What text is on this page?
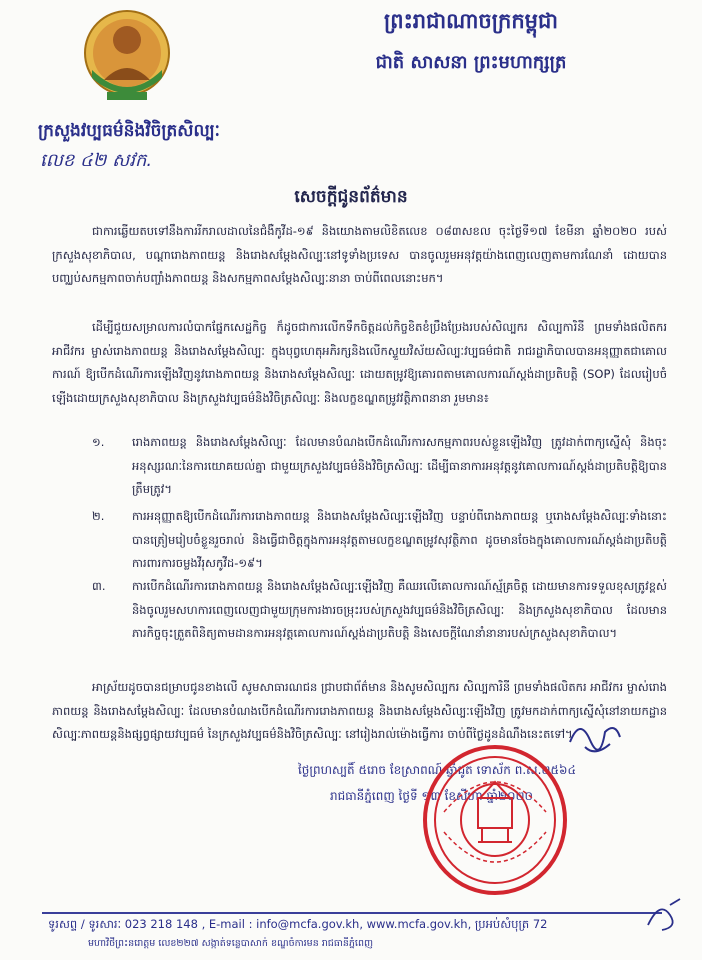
ព្រះរាជាណាចក្រកម្ពុជា
ជាតិ សាសនា ព្រះមហាក្សត្រ
ក្រសួងវប្បធម៌និងវិចិត្រសិល្បៈ
លេខ ៤២ សវក.
សេចក្ដីជូនព័ត៌មាន
ជាការឆ្លើយតបទៅនឹងការរីករាលដាលនៃជំងឺកូវីដ-១៩ និងយោងតាមលិខិតលេខ ០៨៣សខល ចុះថ្ងៃទី១៧ ខែមីនា ឆ្នាំ២០២០ របស់ក្រសួងសុខាភិបាល, បណ្ដារោងភាពយន្ត និងរោងសម្ដែងសិល្បៈនៅទូទាំងប្រទេស បានចូលរួមអនុវត្តយ៉ាងពេញលេញតាមការណែនាំ ដោយបានបញ្ឈប់សកម្មភាពចាក់បញ្ចាំងភាពយន្ត និងសកម្មភាពសម្ដែងសិល្បៈនានា ចាប់ពីពេលនោះមក។
ដើម្បីជួយសម្រាលការលំបាកផ្នែកសេដ្ឋកិច្ច ក៏ដូចជាការលើកទឹកចិត្តដល់កិច្ចខិតខំប្រឹងប្រែងរបស់សិល្បករ សិល្បការិនី ព្រមទាំងផលិតករ អាជីវករ ម្ចាស់រោងភាពយន្ត និងរោងសម្ដែងសិល្បៈ ក្នុងបុព្វហេតុអភិរក្សនិងលើកស្ទួយវិស័យសិល្បៈវប្បធម៌ជាតិ រាជរដ្ឋាភិបាលបានអនុញ្ញាតជាគោលការណ៍ ឱ្យបើកដំណើរការឡើងវិញនូវរោងភាពយន្ត និងរោងសម្ដែងសិល្បៈ ដោយតម្រូវឱ្យគោរពតាមគោលការណ៍ស្តង់ដាប្រតិបត្តិ (SOP) ដែលរៀបចំឡើងដោយក្រសួងសុខាភិបាល និងក្រសួងវប្បធម៌និងវិចិត្រសិល្បៈ និងលក្ខខណ្ឌតម្រូវវត្តិភាពនានា រួមមាន៖
១. រោងភាពយន្ត និងរោងសម្ដែងសិល្បៈ ដែលមានបំណងបើកដំណើរការសកម្មភាពរបស់ខ្លួនឡើងវិញ ត្រូវដាក់ពាក្យស្នើសុំ និងចុះអនុស្សរណៈនៃការយោគយល់គ្នា ជាមួយក្រសួងវប្បធម៌និងវិចិត្រសិល្បៈ ដើម្បីធានាការអនុវត្តនូវគោលការណ៍ស្តង់ដាប្រតិបត្តិឱ្យបានត្រឹមត្រូវ។
២. ការអនុញ្ញាតឱ្យបើកដំណើរការរោងភាពយន្ត និងរោងសម្ដែងសិល្បៈឡើងវិញ បន្ទាប់ពីរោងភាពយន្ត ឬរោងសម្ដែងសិល្បៈទាំងនោះបានត្រៀមរៀបចំខ្លួនរួចរាល់ និងធ្វើជាថិត្តក្នុងការអនុវត្តតាមលក្ខខណ្ឌតម្រូវសុវត្ថិភាព ដូចមានចែងក្នុងគោលការណ៍ស្តង់ដាប្រតិបត្តិការពារការចម្លងវីរុសកូវីដ-១៩។
៣. ការបើកដំណើរការរោងភាពយន្ត និងរោងសម្ដែងសិល្បៈឡើងវិញ គឺឈរលើគោលការណ៍ស្ម័គ្រចិត្ត ដោយមានការទទួលខុសត្រូវខ្ពស់ និងចូលរួមសហការពេញលេញជាមួយក្រុមការងារចម្រុះរបស់ក្រសួងវប្បធម៌និងវិចិត្រសិល្បៈ និងក្រសួងសុខាភិបាល ដែលមានភារកិច្ចចុះត្រួតពិនិត្យតាមដានការអនុវត្តគោលការណ៍ស្តង់ដាប្រតិបត្តិ និងសេចក្ដីណែនាំនានារបស់ក្រសួងសុខាភិបាល។
អាស្រ័យដូចបានជម្រាបជូនខាងលើ សូមសាធារណជន ជ្រាបជាព័ត៌មាន និងសូមសិល្បករ សិល្បការិនី ព្រមទាំងផលិតករ អាជីវករ ម្ចាស់រោងភាពយន្ត និងរោងសម្ដែងសិល្បៈ ដែលមានបំណងបើកដំណើរការរោងភាពយន្ត និងរោងសម្ដែងសិល្បៈឡើងវិញ ត្រូវមកដាក់ពាក្យស្នើសុំនៅនាយកដ្ឋានសិល្បៈភាពយន្តនិងផ្សព្វផ្សាយវប្បធម៌ នៃក្រសួងវប្បធម៌និងវិចិត្រសិល្បៈ នៅរៀងរាល់ម៉ោងធ្វើការ ចាប់ពីថ្ងៃដូនដំណឹងនេះតទៅ។
ថ្ងៃព្រហស្បតិ៍ ៥រោច ខែស្រាពណ៍ ឆ្នាំជូត ទោស័ក ព.ស.២៥៦៤
រាជធានីភ្នំពេញ ថ្ងៃទី ១៣ ខែសីហា ឆ្នាំ២០២០
ទូរសព្ទ / ទូរសារៈ 023 218 148 , E-mail : info@mcfa.gov.kh, www.mcfa.gov.kh, ប្រអប់សំបុត្រ 72
មហាវិថីព្រះនរោត្តម លេខ២២៧ សង្កាត់ទន្លេបាសាក់ ខណ្ឌចំការមន រាជធានីភ្នំពេញ
